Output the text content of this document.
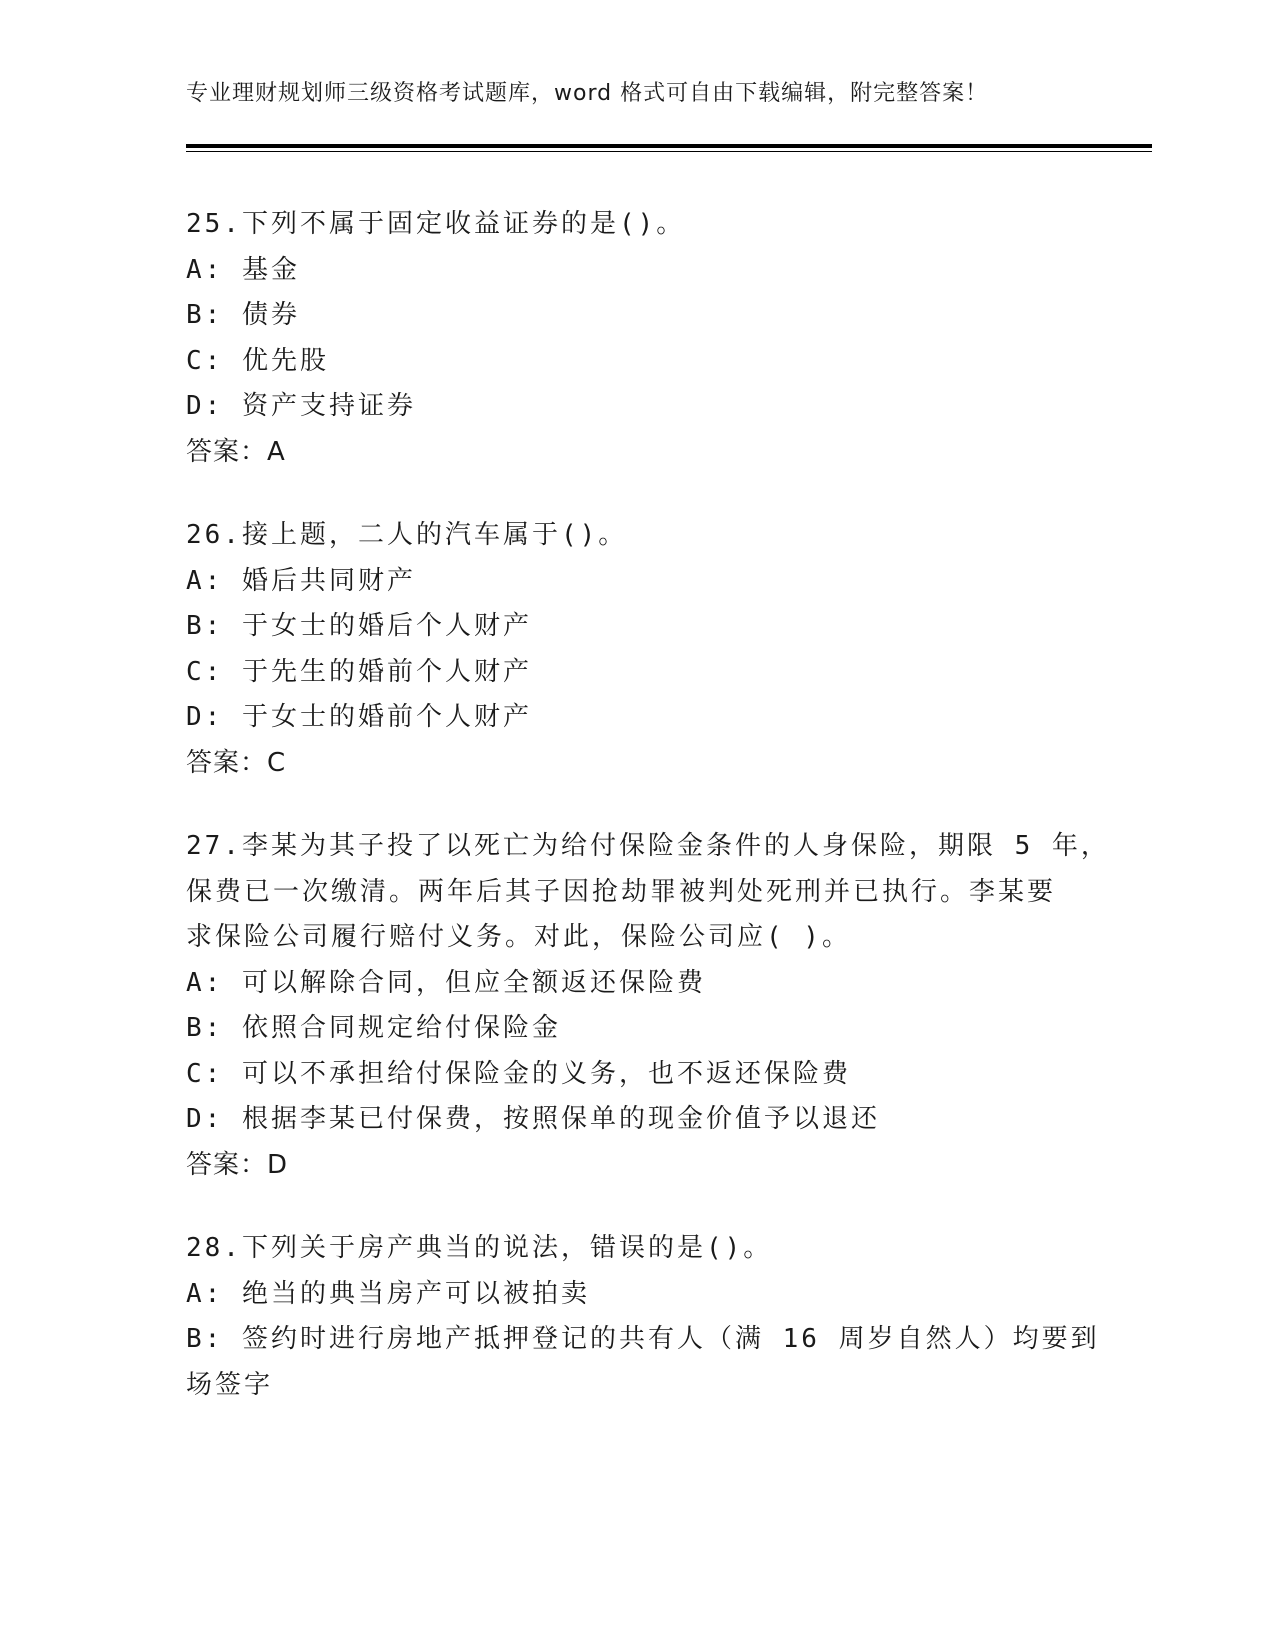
专业理财规划师三级资格考试题库，word 格式可自由下载编辑，附完整答案！
25.下列不属于固定收益证券的是()。
A: 基金
B: 债券
C: 优先股
D: 资产支持证券
答案：A
26.接上题，二人的汽车属于()。
A: 婚后共同财产
B: 于女士的婚后个人财产
C: 于先生的婚前个人财产
D: 于女士的婚前个人财产
答案：C
27.李某为其子投了以死亡为给付保险金条件的人身保险，期限 5 年，
保费已一次缴清。两年后其子因抢劫罪被判处死刑并已执行。李某要
求保险公司履行赔付义务。对此，保险公司应( )。
A: 可以解除合同，但应全额返还保险费
B: 依照合同规定给付保险金
C: 可以不承担给付保险金的义务，也不返还保险费
D: 根据李某已付保费，按照保单的现金价值予以退还
答案：D
28.下列关于房产典当的说法，错误的是()。
A: 绝当的典当房产可以被拍卖
B: 签约时进行房地产抵押登记的共有人（满 16 周岁自然人）均要到
场签字
